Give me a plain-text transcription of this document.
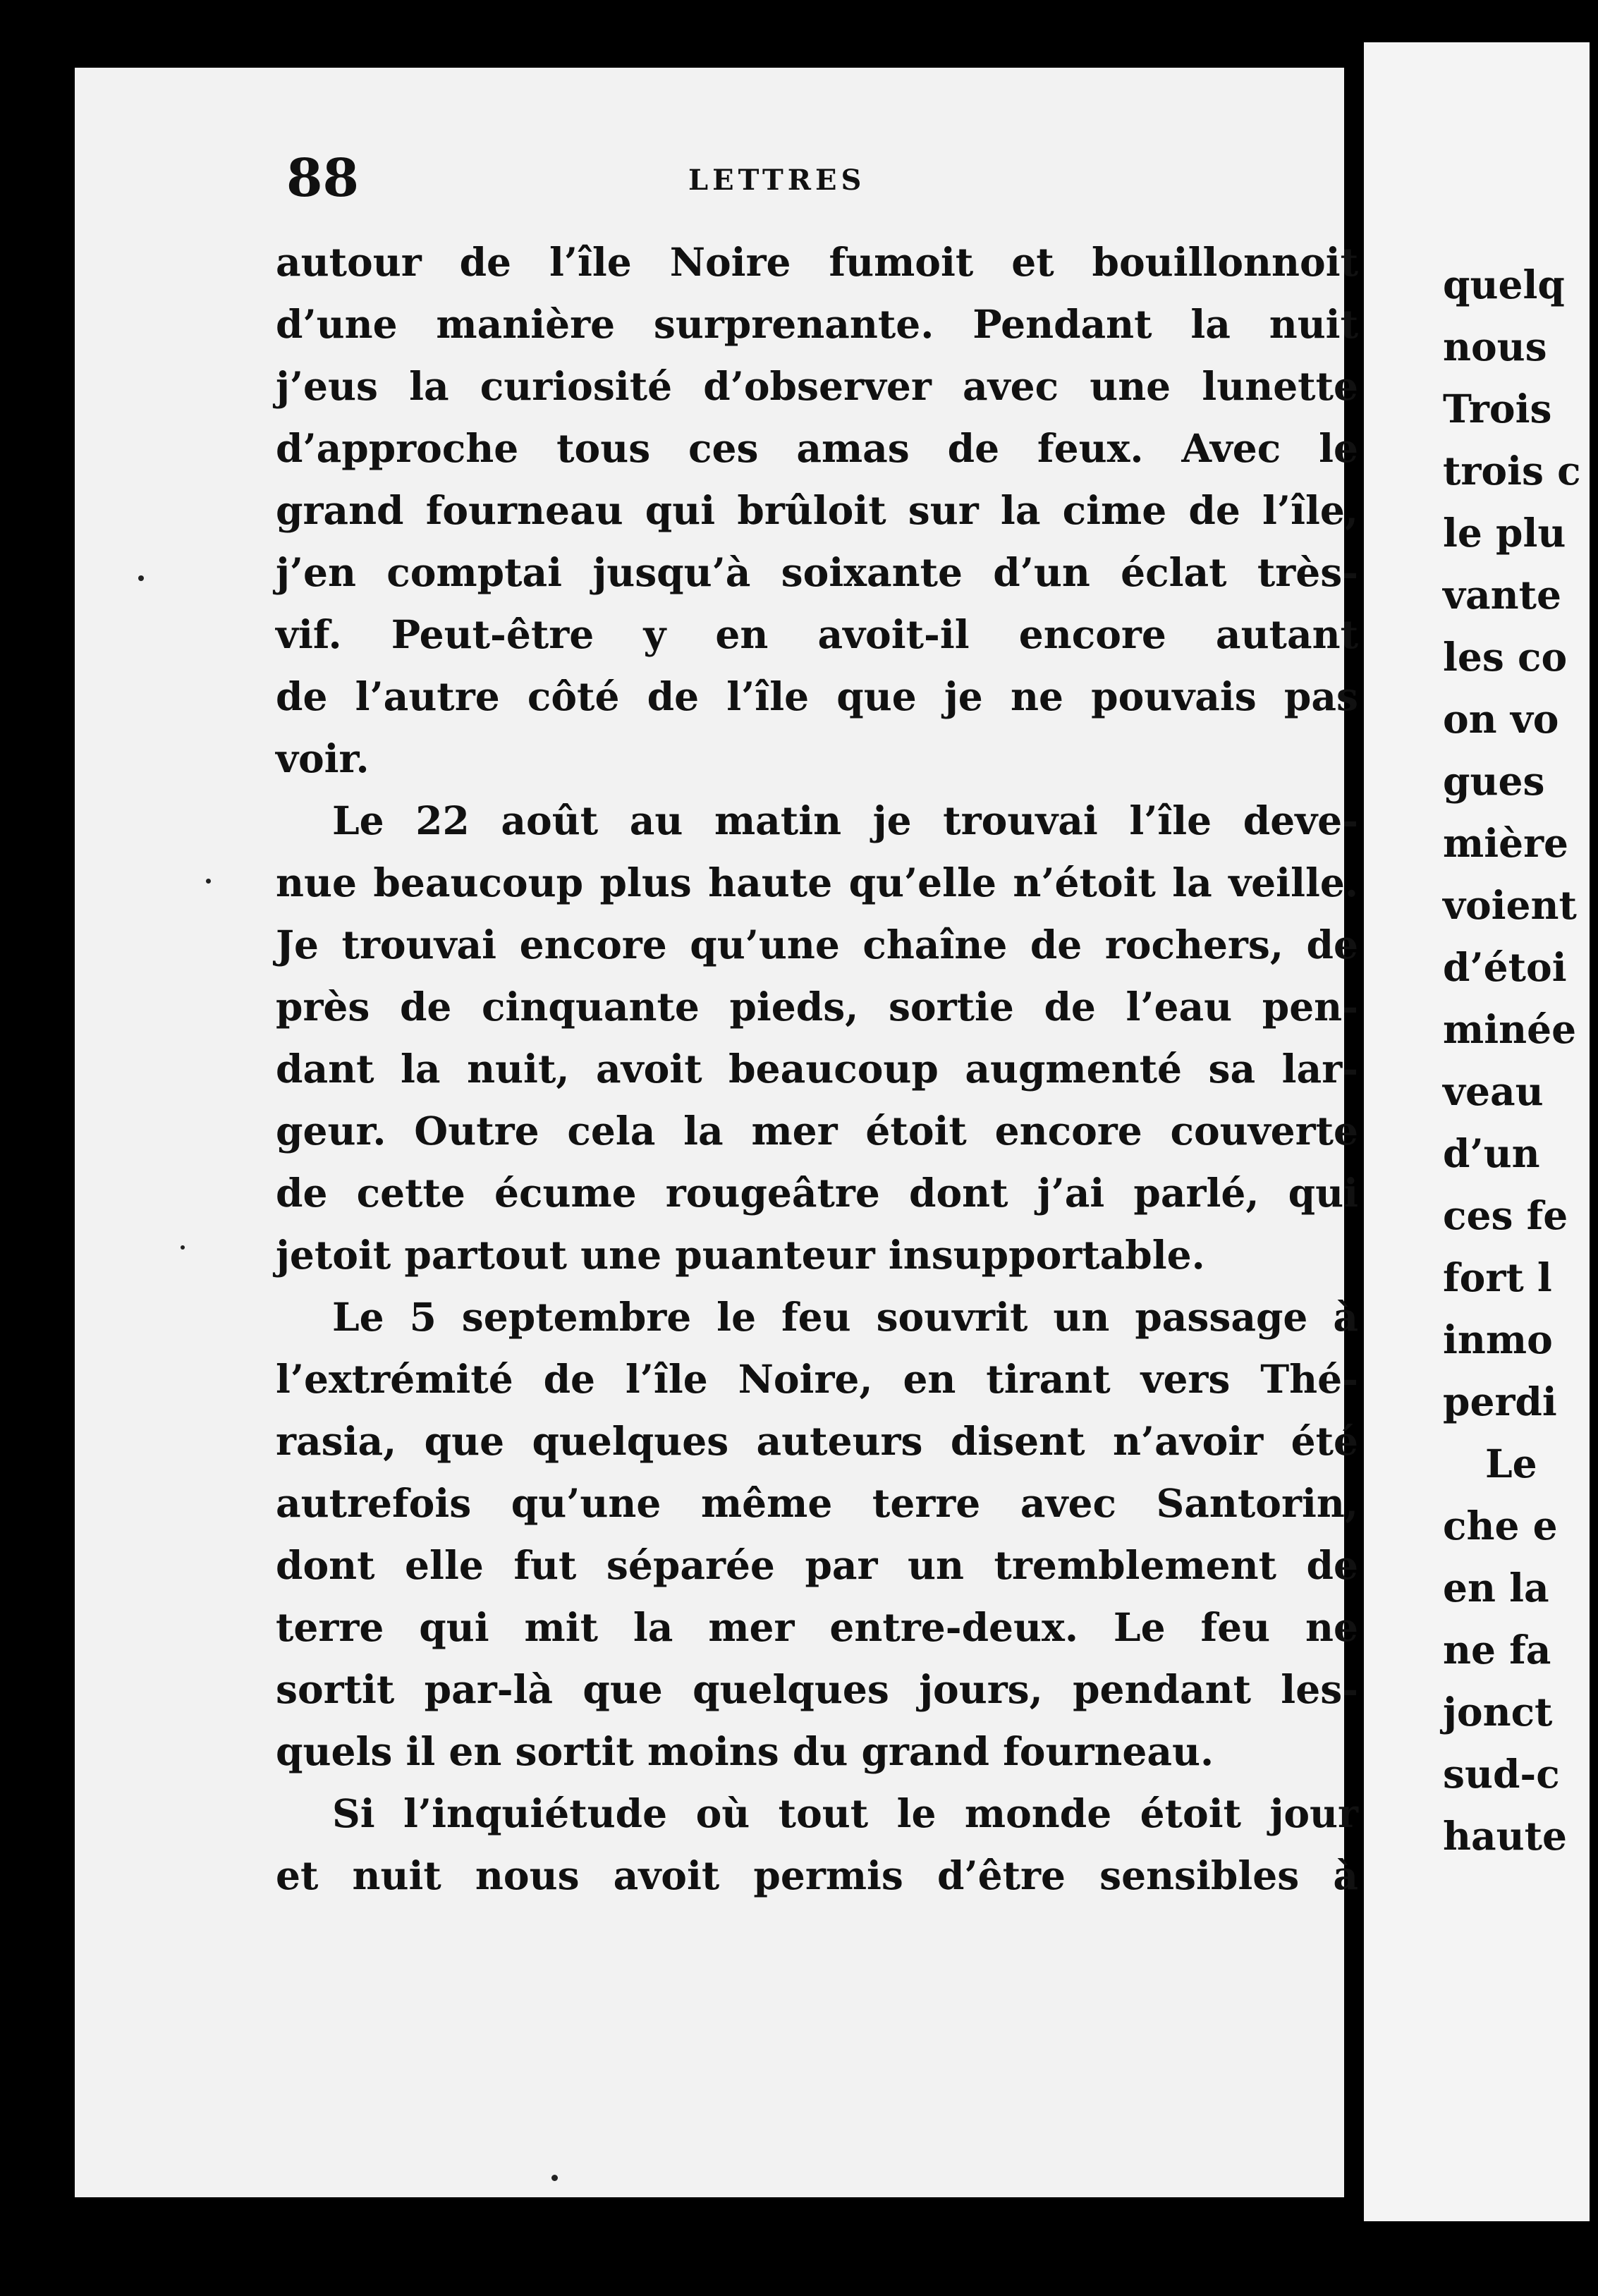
88	LETTRES
autour de l’île Noire fumoit et bouillonnoit
d’une manière surprenante. Pendant la nuit
j’eus la curiosité d’observer avec une lunette
d’approche tous ces amas de feux. Avec le
grand fourneau qui brûloit sur la cime de l’île,
j’en comptai jusqu’à soixante d’un éclat très-
vif. Peut-être y en avoit-il encore autant
de l’autre côté de l’île que je ne pouvais pas
voir.
Le 22 août au matin je trouvai l’île deve-
nue beaucoup plus haute qu’elle n’étoit la veille.
Je trouvai encore qu’une chaîne de rochers, de
près de cinquante pieds, sortie de l’eau pen-
dant la nuit, avoit beaucoup augmenté sa lar-
geur. Outre cela la mer étoit encore couverte
de cette écume rougeâtre dont j’ai parlé, qui
jetoit partout une puanteur insupportable.
Le 5 septembre le feu souvrit un passage à
l’extrémité de l’île Noire, en tirant vers Thé-
rasia, que quelques auteurs disent n’avoir été
autrefois qu’une même terre avec Santorin,
dont elle fut séparée par un tremblement de
terre qui mit la mer entre-deux. Le feu ne
sortit par-là que quelques jours, pendant les-
quels il en sortit moins du grand fourneau.
Si l’inquiétude où tout le monde étoit jour
et nuit nous avoit permis d’être sensibles à
quelq
nous
Trois
trois c
le plu
vante
les co
on vo
gues
mière
voient
d’étoi
minée
veau
d’un
ces fe
fort l
inmo
perdi
Le
che e
en la
ne fa
jonct
sud-c
haute
